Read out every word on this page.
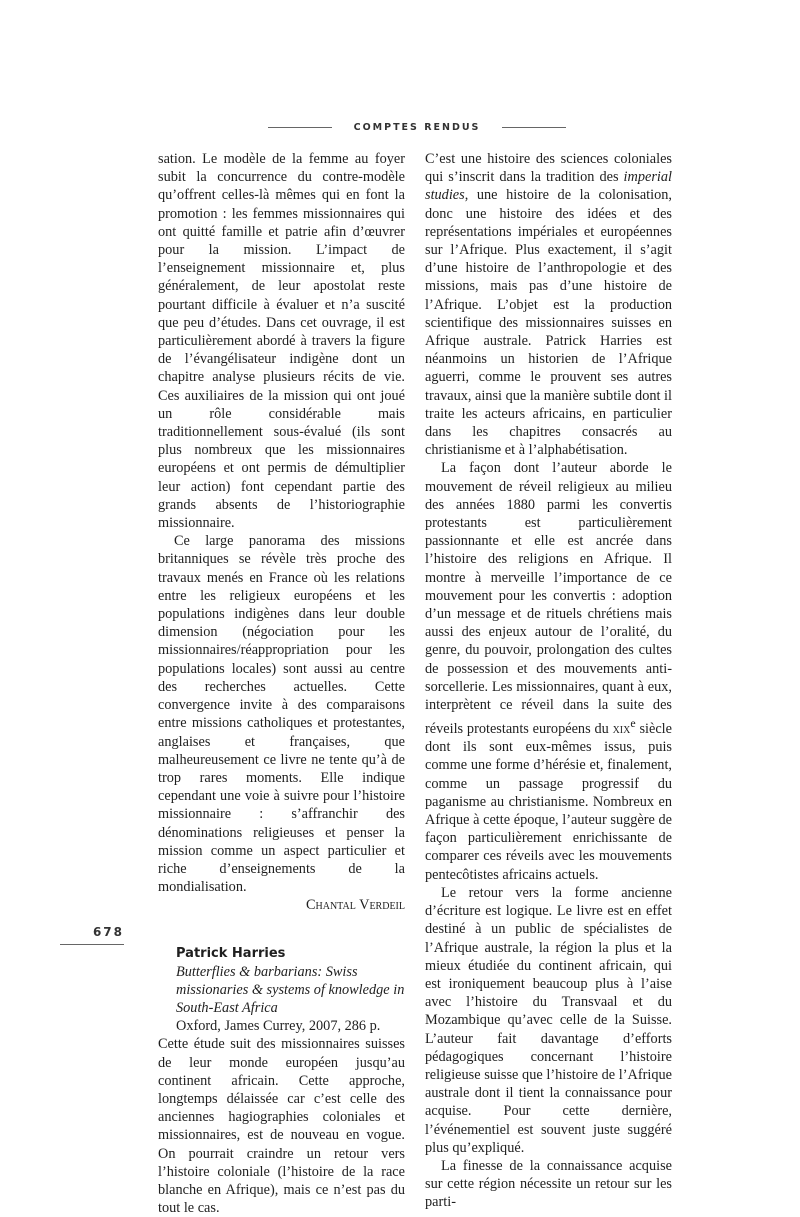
COMPTES RENDUS

sation. Le modèle de la femme au foyer subit la concurrence du contre-modèle qu’offrent celles-là mêmes qui en font la promotion : les femmes missionnaires qui ont quitté famille et patrie afin d’œuvrer pour la mission. L’impact de l’enseignement missionnaire et, plus généralement, de leur apostolat reste pourtant difficile à évaluer et n’a suscité que peu d’études. Dans cet ouvrage, il est particulièrement abordé à travers la figure de l’évangélisateur indigène dont un chapitre analyse plusieurs récits de vie. Ces auxiliaires de la mission qui ont joué un rôle considérable mais traditionnellement sous-évalué (ils sont plus nombreux que les missionnaires européens et ont permis de démultiplier leur action) font cependant partie des grands absents de l’historiographie missionnaire.

Ce large panorama des missions britanniques se révèle très proche des travaux menés en France où les relations entre les religieux européens et les populations indigènes dans leur double dimension (négociation pour les missionnaires/réappropriation pour les populations locales) sont aussi au centre des recherches actuelles. Cette convergence invite à des comparaisons entre missions catholiques et protestantes, anglaises et françaises, que malheureusement ce livre ne tente qu’à de trop rares moments. Elle indique cependant une voie à suivre pour l’histoire missionnaire : s’affranchir des dénominations religieuses et penser la mission comme un aspect particulier et riche d’enseignements de la mondialisation.

Chantal Verdeil

Patrick Harries
Butterflies & barbarians: Swiss missionaries & systems of knowledge in South-East Africa
Oxford, James Currey, 2007, 286 p.

Cette étude suit des missionnaires suisses de leur monde européen jusqu’au continent africain. Cette approche, longtemps délaissée car c’est celle des anciennes hagiographies coloniales et missionnaires, est de nouveau en vogue. On pourrait craindre un retour vers l’histoire coloniale (l’histoire de la race blanche en Afrique), mais ce n’est pas du tout le cas.

C’est une histoire des sciences coloniales qui s’inscrit dans la tradition des imperial studies, une histoire de la colonisation, donc une histoire des idées et des représentations impériales et européennes sur l’Afrique. Plus exactement, il s’agit d’une histoire de l’anthropologie et des missions, mais pas d’une histoire de l’Afrique. L’objet est la production scientifique des missionnaires suisses en Afrique australe. Patrick Harries est néanmoins un historien de l’Afrique aguerri, comme le prouvent ses autres travaux, ainsi que la manière subtile dont il traite les acteurs africains, en particulier dans les chapitres consacrés au christianisme et à l’alphabétisation.

La façon dont l’auteur aborde le mouvement de réveil religieux au milieu des années 1880 parmi les convertis protestants est particulièrement passionnante et elle est ancrée dans l’histoire des religions en Afrique. Il montre à merveille l’importance de ce mouvement pour les convertis : adoption d’un message et de rituels chrétiens mais aussi des enjeux autour de l’oralité, du genre, du pouvoir, prolongation des cultes de possession et des mouvements anti-sorcellerie. Les missionnaires, quant à eux, interprètent ce réveil dans la suite des réveils protestants européens du xix$^e$ siècle dont ils sont eux-mêmes issus, puis comme une forme d’hérésie et, finalement, comme un passage progressif du paganisme au christianisme. Nombreux en Afrique à cette époque, l’auteur suggère de façon particulièrement enrichissante de comparer ces réveils avec les mouvements pentecôtistes africains actuels.

Le retour vers la forme ancienne d’écriture est logique. Le livre est en effet destiné à un public de spécialistes de l’Afrique australe, la région la plus et la mieux étudiée du continent africain, qui est ironiquement beaucoup plus à l’aise avec l’histoire du Transvaal et du Mozambique qu’avec celle de la Suisse. L’auteur fait davantage d’efforts pédagogiques concernant l’histoire religieuse suisse que l’histoire de l’Afrique australe dont il tient la connaissance pour acquise. Pour cette dernière, l’événementiel est souvent juste suggéré plus qu’expliqué.

La finesse de la connaissance acquise sur cette région nécessite un retour sur les parti-

678
